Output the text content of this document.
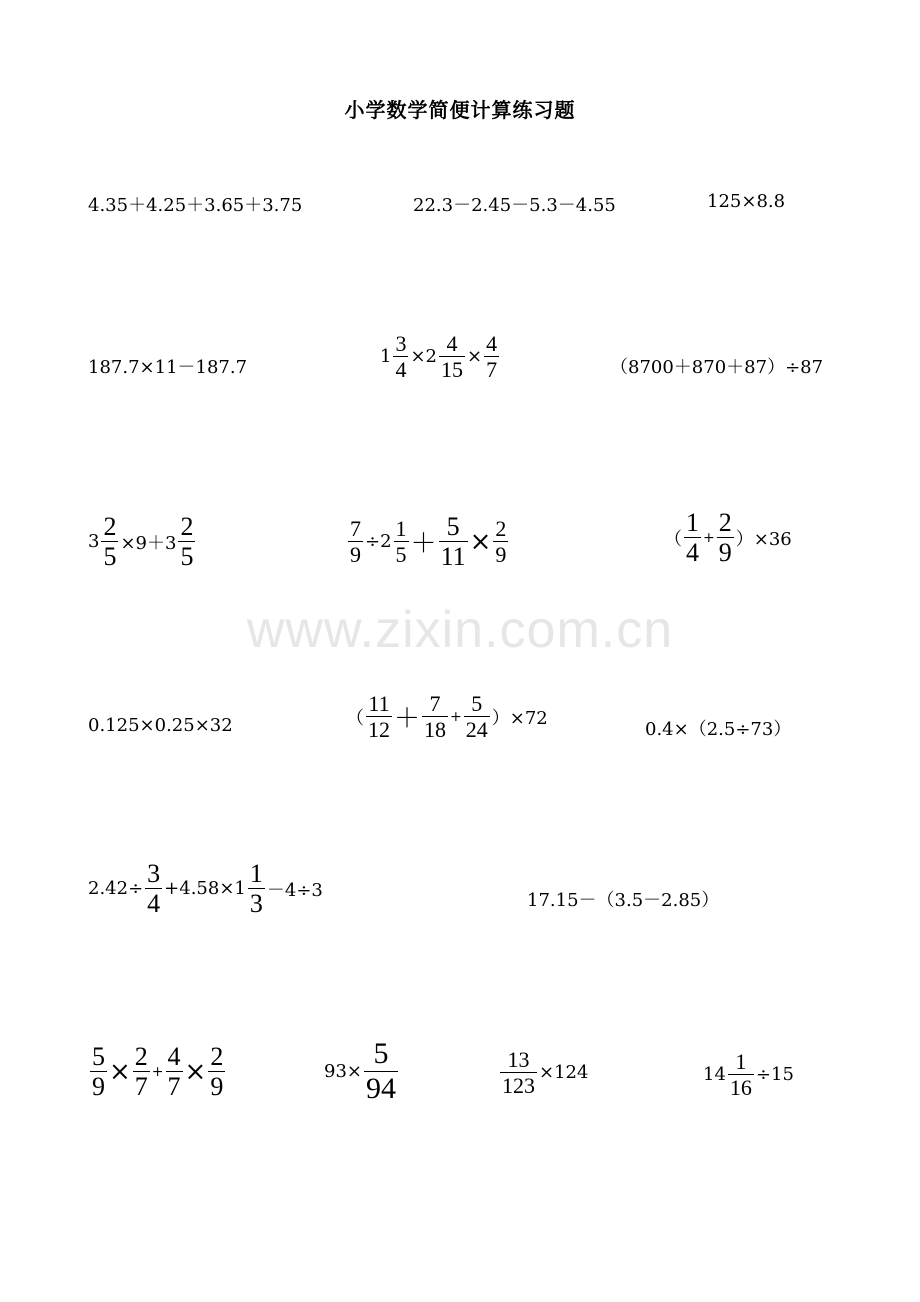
小学数学简便计算练习题
www.zixin.com.cn
4.35＋4.25＋3.65＋3.75	22.3－2.45－5.3－4.55	125×8.8
187.7×11－187.7
$1 \frac{3}{4} \times 2 \frac{4}{15} \times \frac{4}{7}$	（8700＋870＋87）÷87
$3 \frac{2}{5} \times 9+3 \frac{2}{5}$	$\frac{7}{9} \div 2 \frac{1}{5} + \frac{5}{11} \times \frac{2}{9}$	（ $\frac{1}{4} + \frac{2}{9} )\times 36$
0.125×0.25×32	（ $\frac{11}{12} + \frac{7}{18} + \frac{5}{24} )\times 72$
0.4×（2.5÷73）
$2.42\div \frac{3}{4} +4.58\times 1 \frac{1}{3} -4\div 3$	17.15－（3.5－2.85）
$\frac{5}{9} \times \frac{2}{7} + \frac{4}{7} \times \frac{2}{9}$	$93\times \frac{5}{94}$	$\frac{13}{123} \times 124$	$14 \frac{1}{16} \div 15$
